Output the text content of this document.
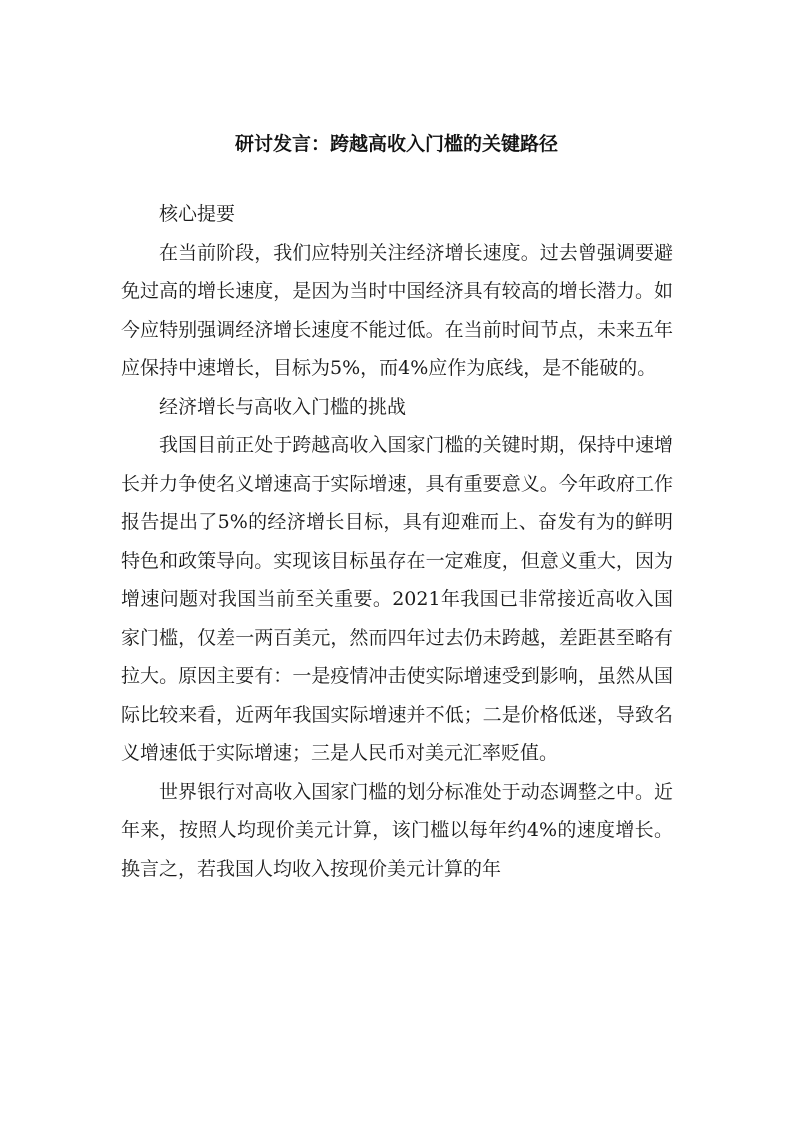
研讨发言：跨越高收入门槛的关键路径

核心提要

在当前阶段，我们应特别关注经济增长速度。过去曾强调要避免过高的增长速度，是因为当时中国经济具有较高的增长潜力。如今应特别强调经济增长速度不能过低。在当前时间节点，未来五年应保持中速增长，目标为5%，而4%应作为底线，是不能破的。

经济增长与高收入门槛的挑战

我国目前正处于跨越高收入国家门槛的关键时期，保持中速增长并力争使名义增速高于实际增速，具有重要意义。今年政府工作报告提出了5%的经济增长目标，具有迎难而上、奋发有为的鲜明特色和政策导向。实现该目标虽存在一定难度，但意义重大，因为增速问题对我国当前至关重要。2021年我国已非常接近高收入国家门槛，仅差一两百美元，然而四年过去仍未跨越，差距甚至略有拉大。原因主要有：一是疫情冲击使实际增速受到影响，虽然从国际比较来看，近两年我国实际增速并不低；二是价格低迷，导致名义增速低于实际增速；三是人民币对美元汇率贬值。

世界银行对高收入国家门槛的划分标准处于动态调整之中。近年来，按照人均现价美元计算，该门槛以每年约4%的速度增长。换言之，若我国人均收入按现价美元计算的年
